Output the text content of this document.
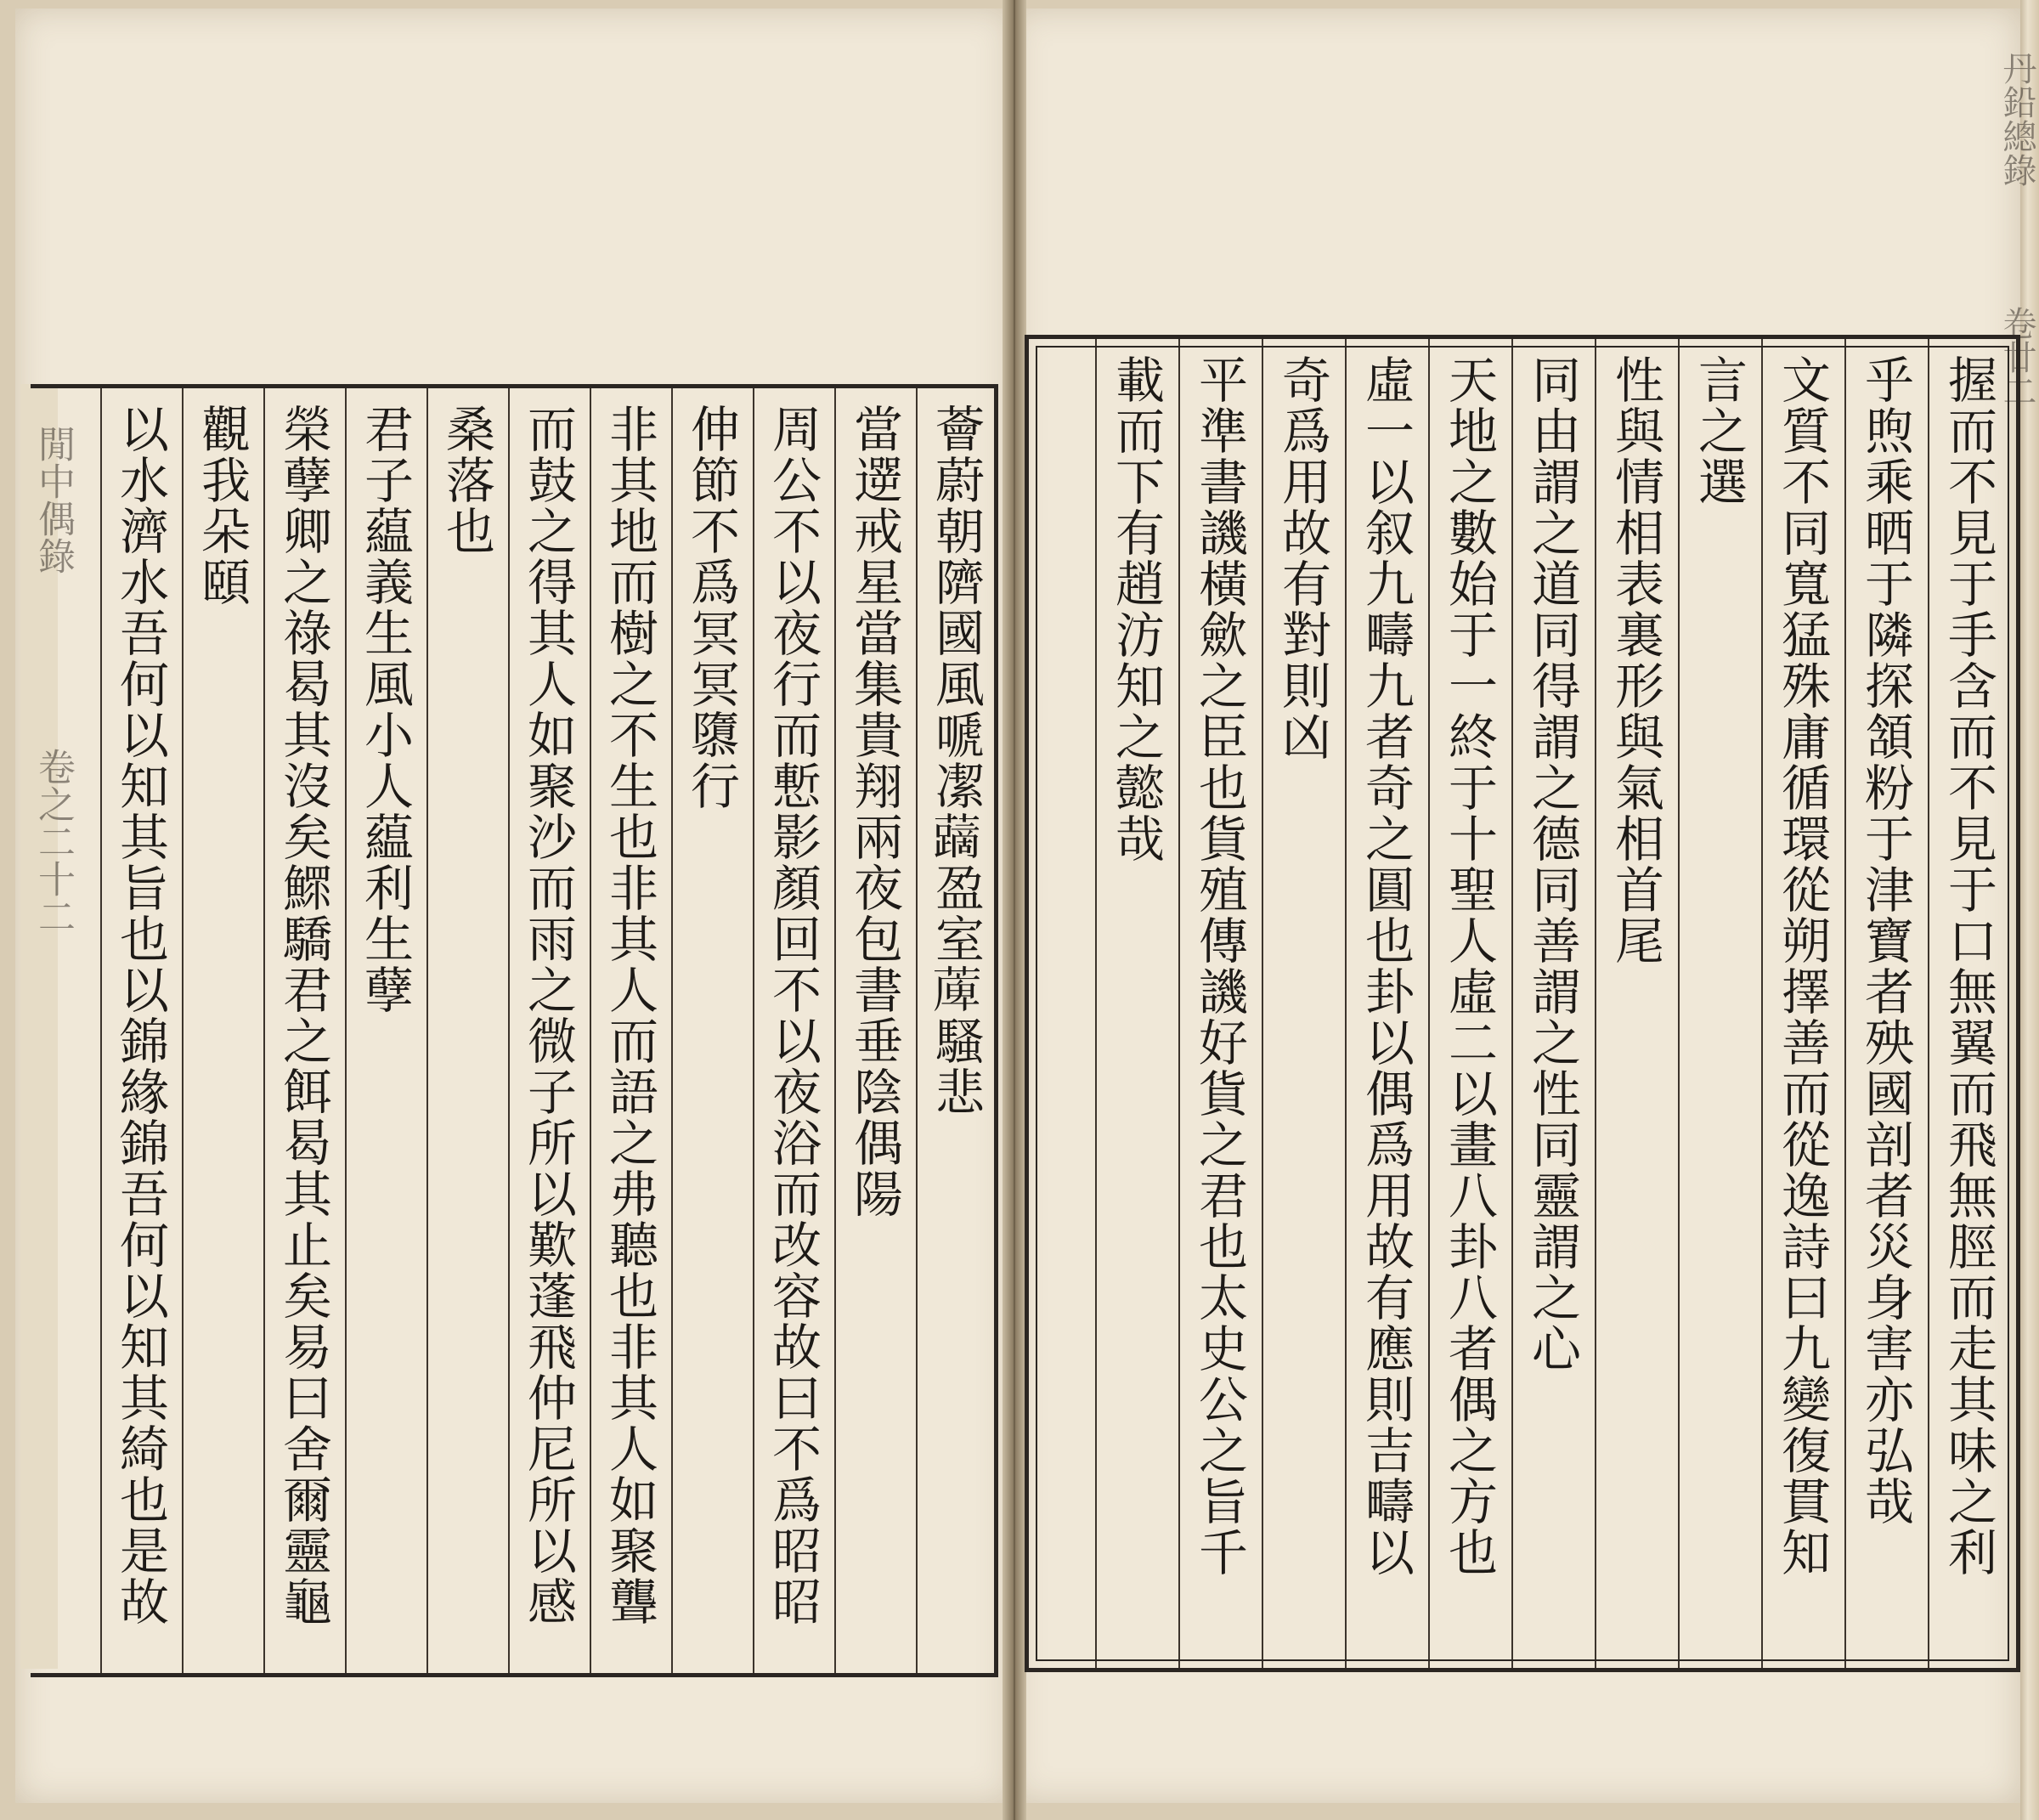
閒中偶錄
卷之二十二	薈蔚朝隮國風嗁㓗𧃐盈室𦸣騷悲
當遻戒星當集貴翔兩夜包書垂陰偶陽
周公不以夜行而慙影顏回不以夜浴而改容故曰不爲昭昭
伸節不爲冥冥隳行
非其地而樹之不生也非其人而語之弗聽也非其人如聚聾
而鼓之得其人如聚沙而雨之微子所以歎蓬飛仲尼所以感
桑落也
君子藴義生風小人藴利生孽
榮孽卿之祿曷其沒矣鰥驕君之餌曷其止矣易曰舍爾靈龜
觀我朵頤
以水濟水吾何以知其旨也以錦緣錦吾何以知其綺也是故
丹鉛總錄
卷廿二
握而不見于手含而不見于口無翼而飛無脛而走其味之利
乎煦乘晒于隣探頷粉于津寶者殃國剖者災身害亦弘哉
文質不同寬猛殊庸循環從朔擇善而從逸詩曰九變復貫知
言之選
性與情相表裏形與氣相首尾
同由謂之道同得謂之德同善謂之性同靈謂之心
天地之數始于一終于十聖人虛二以畫八卦八者偶之方也
虛一以叙九疇九者奇之圓也卦以偶爲用故有應則吉疇以
奇爲用故有對則凶
平準書譏橫歛之臣也貨殖傳譏好貨之君也太史公之旨千
載而下有趙汸知之懿哉
